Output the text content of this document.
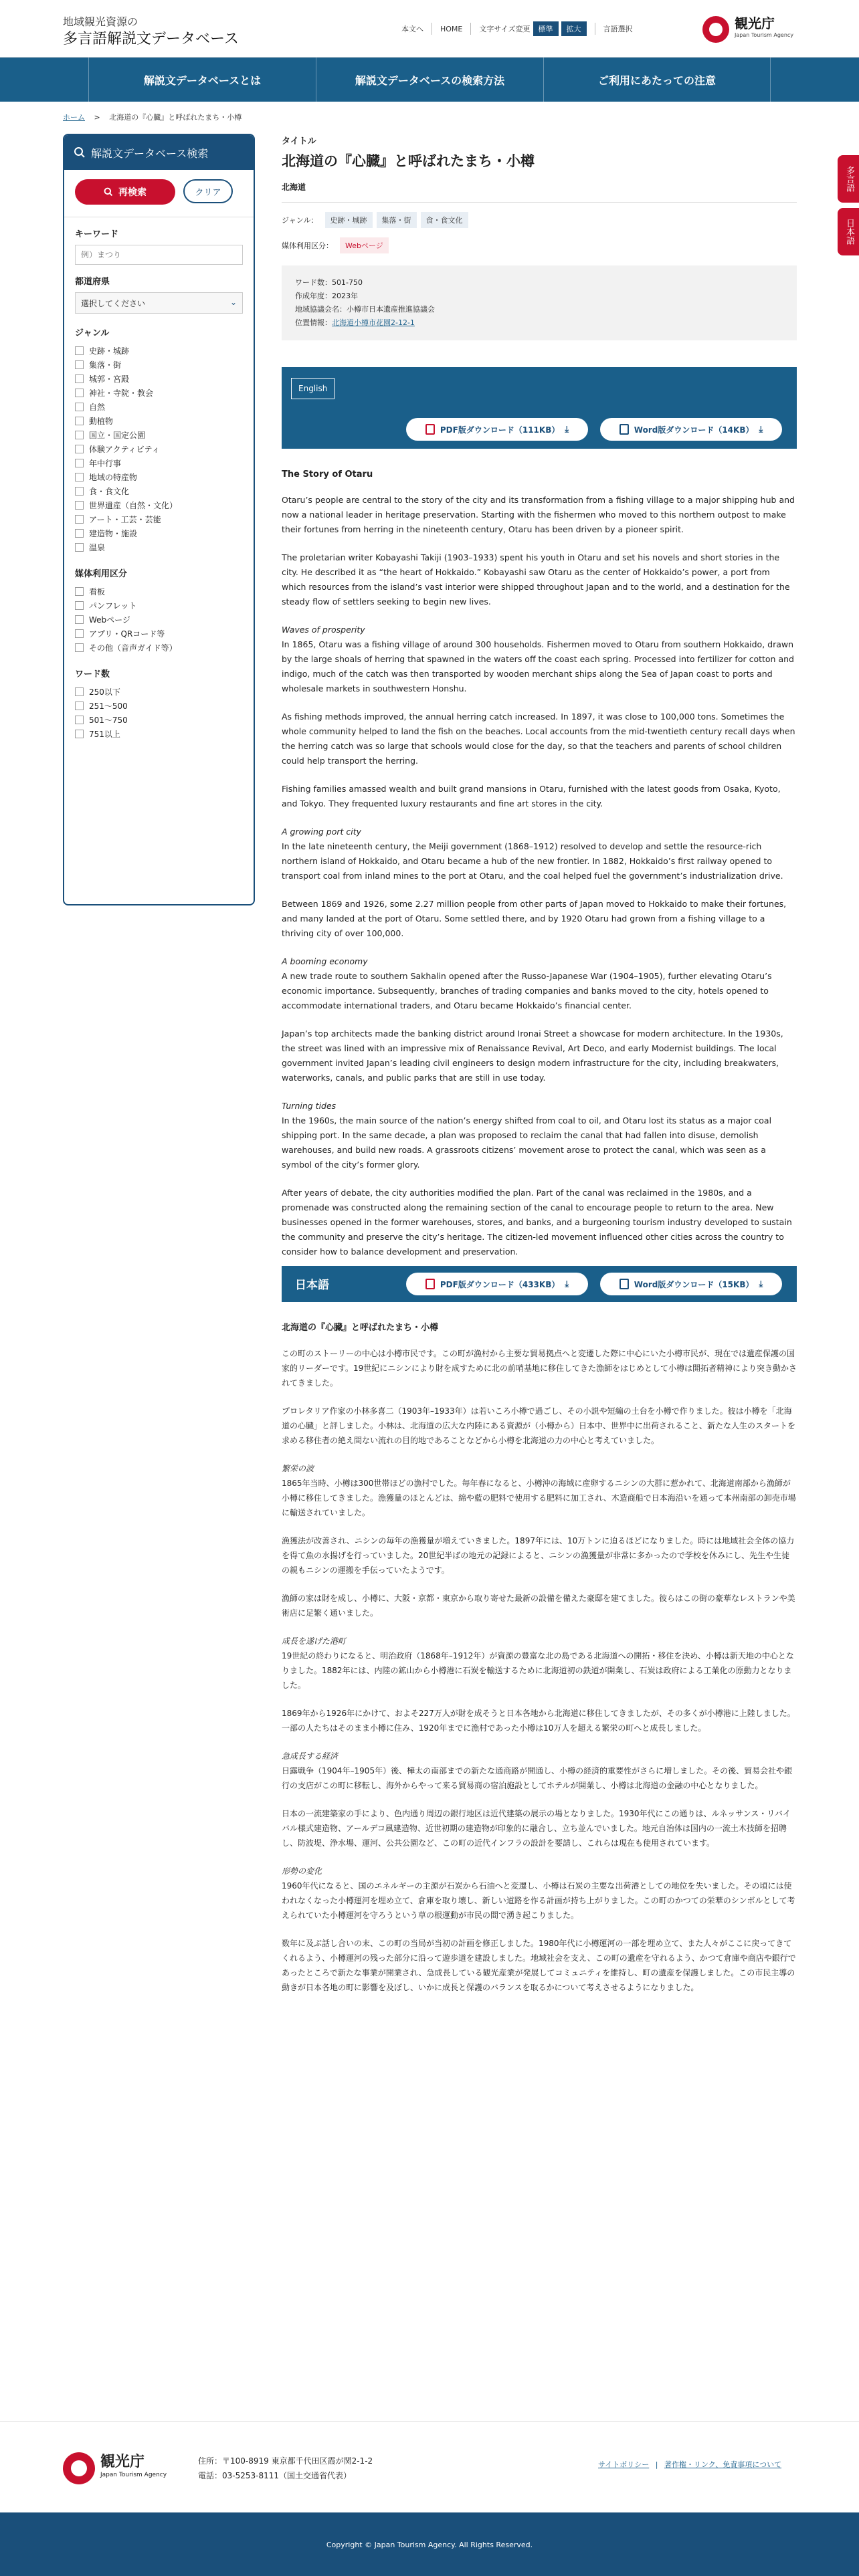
地域観光資源の
多言語解説文データベース
本文へ HOME 文字サイズ変更	標準	拡大	言語選択	観光庁
Japan Tourism Agency
解説文データベースとは	解説文データベースの検索方法	ご利用にあたっての注意
多言語
日本語
ホーム > 北海道の『心臓』と呼ばれたまち・小樽
解説文データベース検索
再検索	クリア
キーワード
例）まつり
都道府県
選択してください	⌄
ジャンル
史跡・城跡
集落・街
城郭・宮殿
神社・寺院・教会
自然
動植物
国立・国定公園
体験アクティビティ
年中行事
地域の特産物
食・食文化
世界遺産（自然・文化）
アート・工芸・芸能
建造物・施設
温泉
媒体利用区分
看板
パンフレット
Webページ
アプリ・QRコード等
その他（音声ガイド等）
ワード数
250以下
251～500
501～750
751以上
タイトル
北海道の『心臓』と呼ばれたまち・小樽
北海道
ジャンル：	史跡・城跡	集落・街	食・食文化
媒体利用区分：	Webページ
ワード数：501-750
作成年度：2023年
地域協議会名：小樽市日本遺産推進協議会
位置情報：北海道小樽市花園2-12-1
English
PDF版ダウンロード（111KB） ⤓	Word版ダウンロード（14KB） ⤓
The Story of Otaru

Otaru’s people are central to the story of the city and its transformation from a fishing village to a major shipping hub and now a national leader in heritage preservation. Starting with the fishermen who moved to this northern outpost to make their fortunes from herring in the nineteenth century, Otaru has been driven by a pioneer spirit.

The proletarian writer Kobayashi Takiji (1903–1933) spent his youth in Otaru and set his novels and short stories in the city. He described it as “the heart of Hokkaido.” Kobayashi saw Otaru as the center of Hokkaido’s power, a port from which resources from the island’s vast interior were shipped throughout Japan and to the world, and a destination for the steady flow of settlers seeking to begin new lives.

Waves of prosperity

In 1865, Otaru was a fishing village of around 300 households. Fishermen moved to Otaru from southern Hokkaido, drawn by the large shoals of herring that spawned in the waters off the coast each spring. Processed into fertilizer for cotton and indigo, much of the catch was then transported by wooden merchant ships along the Sea of Japan coast to ports and wholesale markets in southwestern Honshu.

As fishing methods improved, the annual herring catch increased. In 1897, it was close to 100,000 tons. Sometimes the whole community helped to land the fish on the beaches. Local accounts from the mid-twentieth century recall days when the herring catch was so large that schools would close for the day, so that the teachers and parents of school children could help transport the herring.

Fishing families amassed wealth and built grand mansions in Otaru, furnished with the latest goods from Osaka, Kyoto, and Tokyo. They frequented luxury restaurants and fine art stores in the city.

A growing port city

In the late nineteenth century, the Meiji government (1868–1912) resolved to develop and settle the resource-rich northern island of Hokkaido, and Otaru became a hub of the new frontier. In 1882, Hokkaido’s first railway opened to transport coal from inland mines to the port at Otaru, and the coal helped fuel the government’s industrialization drive.

Between 1869 and 1926, some 2.27 million people from other parts of Japan moved to Hokkaido to make their fortunes, and many landed at the port of Otaru. Some settled there, and by 1920 Otaru had grown from a fishing village to a thriving city of over 100,000.

A booming economy

A new trade route to southern Sakhalin opened after the Russo-Japanese War (1904–1905), further elevating Otaru’s economic importance. Subsequently, branches of trading companies and banks moved to the city, hotels opened to accommodate international traders, and Otaru became Hokkaido’s financial center.

Japan’s top architects made the banking district around Ironai Street a showcase for modern architecture. In the 1930s, the street was lined with an impressive mix of Renaissance Revival, Art Deco, and early Modernist buildings. The local government invited Japan’s leading civil engineers to design modern infrastructure for the city, including breakwaters, waterworks, canals, and public parks that are still in use today.

Turning tides

In the 1960s, the main source of the nation’s energy shifted from coal to oil, and Otaru lost its status as a major coal shipping port. In the same decade, a plan was proposed to reclaim the canal that had fallen into disuse, demolish warehouses, and build new roads. A grassroots citizens’ movement arose to protect the canal, which was seen as a symbol of the city’s former glory.

After years of debate, the city authorities modified the plan. Part of the canal was reclaimed in the 1980s, and a promenade was constructed along the remaining section of the canal to encourage people to return to the area. New businesses opened in the former warehouses, stores, and banks, and a burgeoning tourism industry developed to sustain the community and preserve the city’s heritage. The citizen-led movement influenced other cities across the country to consider how to balance development and preservation.

日本語	PDF版ダウンロード（433KB） ⤓	Word版ダウンロード（15KB） ⤓
北海道の『心臓』と呼ばれたまち・小樽

この町のストーリーの中心は小樽市民です。この町が漁村から主要な貿易拠点へと変遷した際に中心にいた小樽市民が、現在では遺産保護の国家的リーダーです。19世紀にニシンにより財を成すために北の前哨基地に移住してきた漁師をはじめとして小樽は開拓者精神により突き動かされてきました。

プロレタリア作家の小林多喜二（1903年–1933年）は若いころ小樽で過ごし、その小説や短編の土台を小樽で作りました。彼は小樽を「北海道の心臓」と評しました。小林は、北海道の広大な内陸にある資源が（小樽から）日本中、世界中に出荷されること、新たな人生のスタートを求める移住者の絶え間ない流れの目的地であることなどから小樽を北海道の力の中心と考えていました。

繁栄の波

1865年当時、小樽は300世帯ほどの漁村でした。毎年春になると、小樽沖の海域に産卵するニシンの大群に惹かれて、北海道南部から漁師が小樽に移住してきました。漁獲量のほとんどは、綿や藍の肥料で使用する肥料に加工され、木造商船で日本海沿いを通って本州南部の卸売市場に輸送されていました。

漁獲法が改善され、ニシンの毎年の漁獲量が増えていきました。1897年には、10万トンに迫るほどになりました。時には地域社会全体の協力を得て魚の水揚げを行っていました。20世紀半ばの地元の記録によると、ニシンの漁獲量が非常に多かったので学校を休みにし、先生や生徒の親もニシンの運搬を手伝っていたようです。

漁師の家は財を成し、小樽に、大阪・京都・東京から取り寄せた最新の設備を備えた豪邸を建てました。彼らはこの街の豪華なレストランや美術店に足繁く通いました。

成長を遂げた港町

19世紀の終わりになると、明治政府（1868年–1912年）が資源の豊富な北の島である北海道への開拓・移住を決め、小樽は新天地の中心となりました。1882年には、内陸の鉱山から小樽港に石炭を輸送するために北海道初の鉄道が開業し、石炭は政府による工業化の原動力となりました。

1869年から1926年にかけて、およそ227万人が財を成そうと日本各地から北海道に移住してきましたが、その多くが小樽港に上陸しました。一部の人たちはそのまま小樽に住み、1920年までに漁村であった小樽は10万人を超える繁栄の町へと成長しました。

急成長する経済

日露戦争（1904年–1905年）後、樺太の南部までの新たな通商路が開通し、小樽の経済的重要性がさらに増しました。その後、貿易会社や銀行の支店がこの町に移転し、海外からやって来る貿易商の宿泊施設としてホテルが開業し、小樽は北海道の金融の中心となりました。

日本の一流建築家の手により、色内通り周辺の銀行地区は近代建築の展示の場となりました。1930年代にこの通りは、ルネッサンス・リバイバル様式建造物、アールデコ風建造物、近世初期の建造物が印象的に融合し、立ち並んでいました。地元自治体は国内の一流土木技師を招聘し、防波堤、浄水場、運河、公共公園など、この町の近代インフラの設計を要請し、これらは現在も使用されています。

形勢の変化

1960年代になると、国のエネルギーの主源が石炭から石油へと変遷し、小樽は石炭の主要な出荷港としての地位を失いました。その頃には使われなくなった小樽運河を埋め立て、倉庫を取り壊し、新しい道路を作る計画が持ち上がりました。この町のかつての栄華のシンボルとして考えられていた小樽運河を守ろうという草の根運動が市民の間で湧き起こりました。

数年に及ぶ話し合いの末、この町の当局が当初の計画を修正しました。1980年代に小樽運河の一部を埋め立て、また人々がここに戻ってきてくれるよう、小樽運河の残った部分に沿って遊歩道を建設しました。地域社会を支え、この町の遺産を守れるよう、かつて倉庫や商店や銀行であったところで新たな事業が開業され、急成長している観光産業が発展してコミュニティを維持し、町の遺産を保護しました。この市民主導の動きが日本各地の町に影響を及ぼし、いかに成長と保護のバランスを取るかについて考えさせるようになりました。

観光庁
Japan Tourism Agency
住所：〒100-8919 東京都千代田区霞が関2-1-2
電話：03-5253-8111（国土交通省代表）
サイトポリシー | 著作権・リンク、免責事項について
Copyright © Japan Tourism Agency. All Rights Reserved.
